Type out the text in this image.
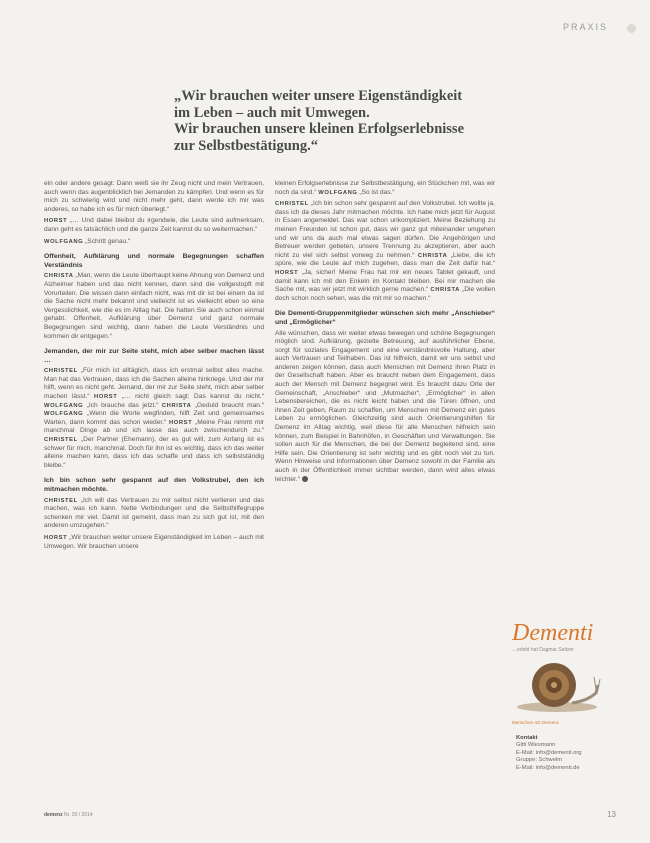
PRAXIS
„Wir brauchen weiter unsere Eigenständigkeit
im Leben – auch mit Umwegen.
Wir brauchen unsere kleinen Erfolgserlebnisse
zur Selbstbestätigung.“

ein oder andere gesagt: Dann weiß sie ihr Zeug nicht und mein Vertrauen, auch wenn das augenblicklich bei Jemanden zu kämpfen. Und wenn es für mich zu schwierig wird und nicht mehr geht, dann werde ich mir was anderes, so habe ich es für mich überlegt.“

HORST „… Und dabei bleibst du irgendwie, die Leute sind aufmerksam, dann geht es tatsächlich und die ganze Zeit kannst du so weitermachen.“

WOLFGANG „Schritt genau.“

Offenheit, Aufklärung und normale Begegnungen schaffen Verständnis

CHRISTA „Man, wenn die Leute überhaupt keine Ahnung von Demenz und Alzheimer haben und das nicht kennen, dann sind die vollgestopft mit Vorurteilen. Die wissen dann einfach nicht, was mit dir ist bei einem da ist die Sache nicht mehr bekannt und vielleicht ist es vielleicht eben so eine Vergesslichkeit, wie die es im Alltag hat. Die hatten Sie auch schon einmal gehabt. Offenheit, Aufklärung über Demenz und ganz normale Begegnungen sind wichtig, dann haben die Leute Verständnis und kommen dir entgegen.“

Jemanden, der mir zur Seite steht, mich aber selber machen lässt …

CHRISTEL „Für mich ist alltäglich, dass ich erstmal selbst alles mache. Man hat das Vertrauen, dass ich die Sachen alleine hinkriege. Und der mir hilft, wenn es nicht geht. Jemand, der mir zur Seite steht, mich aber selber machen lässt.“ HORST „… nicht gleich sagt: Das kannst du nicht.“ WOLFGANG „Ich brauche das jetzt.“ CHRISTA „Geduld braucht man.“ WOLFGANG „Wenn die Worte wegfinden, hilft Zeit und gemeinsames Warten, dann kommt das schon wieder.“ HORST „Meine Frau nimmt mir manchmal Dinge ab und ich lasse das auch zwischendurch zu.“ CHRISTEL „Der Partner (Ehemann), der es gut will, zum Anfang ist es schwer für mich, manchmal. Doch für ihn ist es wichtig, dass ich das weiter alleine machen kann, dass ich das schaffe und dass ich selbstständig bleibe.“

Ich bin schon sehr gespannt auf den Volkstrubel, den ich mitmachen möchte.

CHRISTEL „Ich will das Vertrauen zu mir selbst nicht verlieren und das machen, was ich kann. Nette Verbindungen und die Selbsthilfegruppe schenken mir viel. Damit ist gemeint, dass man zu sich gut ist, mit den anderen umzugehen.“

HORST „Wir brauchen weiter unsere Eigenständigkeit im Leben – auch mit Umwegen. Wir brauchen unsere

kleinen Erfolgserlebnisse zur Selbstbestätigung, ein Stückchen mit, was wir noch da sind.“ WOLFGANG „So ist das.“

CHRISTEL „Ich bin schon sehr gespannt auf den Volkstrubel. Ich wollte ja, dass ich da dieses Jahr mitmachen möchte. Ich habe mich jetzt für August in Essen angemeldet. Das war schon unkompliziert. Meine Beziehung zu meinen Freunden ist schon gut, dass wir ganz gut miteinander umgehen und wir uns da auch mal etwas sagen dürfen. Die Angehörigen und Betreuer werden gebeten, unsere Trennung zu akzeptieren, aber auch nicht zu viel sich selbst vorweg zu nehmen.“ CHRISTA „Liebe, die ich spüre, wie die Leute auf mich zugehen, dass man die Zeit dafür hat.“ HORST „Ja, sicher! Meine Frau hat mir ein neues Tablet gekauft, und damit kann ich mit den Enkeln im Kontakt bleiben. Bei mir machen die Sache mit, was wir jetzt mit wirklich gerne machen.“ CHRISTA „Die wollen doch schon noch sehen, was die mit mir so machen.“

Die Dementi-Gruppenmitglieder wünschen sich mehr „Anschieber“ und „Ermöglicher“

Alle wünschen, dass wir weiter etwas bewegen und schöne Begegnungen möglich sind. Aufklärung, gezielte Betreuung, auf ausführlicher Ebene, sorgt für soziales Engagement und eine verständnisvolle Haltung, aber auch Vertrauen und Teilhaben. Das ist hilfreich, damit wir uns selbst und anderen zeigen können, dass auch Menschen mit Demenz ihren Platz in der Gesellschaft haben. Aber es braucht neben dem Engagement, dass auch der Mensch mit Demenz begegnet wird. Es braucht dazu Orte der Gemeinschaft, „Anschieber“ und „Mutmacher“, „Ermöglicher“ in allen Lebensbereichen, die es nicht leicht haben und die Türen öffnen, und ihnen Zeit geben, Raum zu schaffen, um Menschen mit Demenz ein gutes Leben zu ermöglichen. Gleichzeitig sind auch Orientierungshilfen für Demenz im Alltag wichtig, weil diese für alle Menschen hilfreich sein können, zum Beispiel in Bahnhöfen, in Geschäften und Verwaltungen. Sie sollen auch für die Menschen, die bei der Demenz begleitend sind, eine Hilfe sein. Die Orientierung ist sehr wichtig und es gibt noch viel zu tun. Wenn Hinweise und Informationen über Demenz sowohl in der Familie als auch in der Öffentlichkeit immer sichtbar werden, dann wird alles etwas leichter.“

Dementi
…erlebt hat Dagmar Seitzer
Menschen mit Demenz
Kontakt
Gitti Wiesmann
E-Mail: info@dementi.org
Gruppe: Schwelm
E-Mail: info@dementi.de
demenz Nr. 20 / 2014	13
